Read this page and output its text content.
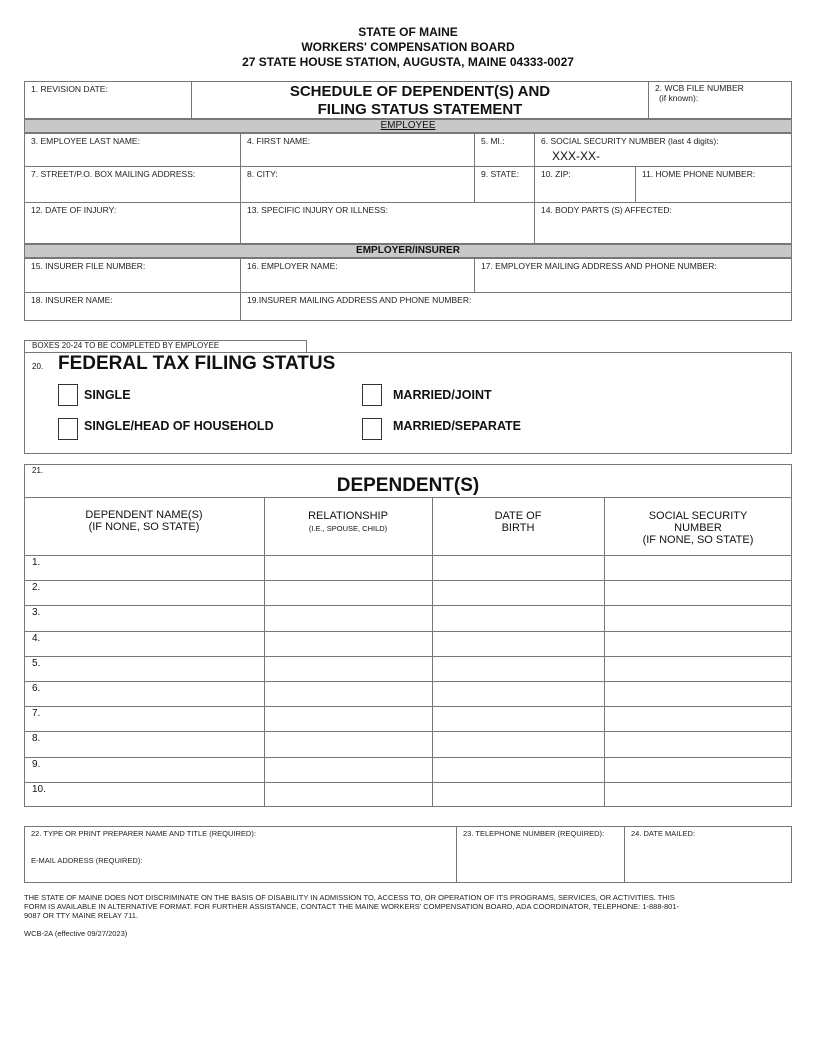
STATE OF MAINE
WORKERS' COMPENSATION BOARD
27 STATE HOUSE STATION, AUGUSTA, MAINE 04333-0027
1. REVISION DATE:	SCHEDULE OF DEPENDENT(S) AND
FILING STATUS STATEMENT
2. WCB FILE NUMBER
(if known):
EMPLOYEE
3. EMPLOYEE LAST NAME:	4. FIRST NAME:	5. MI.:	6. SOCIAL SECURITY NUMBER (last 4 digits):
XXX-XX-
7. STREET/P.O. BOX MAILING ADDRESS:	8. CITY:	9. STATE:	10. ZIP:	11. HOME PHONE NUMBER:
12. DATE OF INJURY:	13. SPECIFIC INJURY OR ILLNESS:	14. BODY PARTS (S) AFFECTED:
EMPLOYER/INSURER
15. INSURER FILE NUMBER:	16. EMPLOYER NAME:	17. EMPLOYER MAILING ADDRESS AND PHONE NUMBER:
18. INSURER NAME:	19.INSURER MAILING ADDRESS AND PHONE NUMBER:
BOXES 20-24 TO BE COMPLETED BY EMPLOYEE
20. FEDERAL TAX FILING STATUS
SINGLE	MARRIED/JOINT
SINGLE/HEAD OF HOUSEHOLD	MARRIED/SEPARATE
21.
DEPENDENT(S)
DEPENDENT NAME(S)
(IF NONE, SO STATE)
RELATIONSHIP
(I.E., SPOUSE, CHILD)
DATE OF
BIRTH
SOCIAL SECURITY
NUMBER
(IF NONE, SO STATE)
1.
2.
3.
4.
5.
6.
7.
8.
9.
10.
22. TYPE OR PRINT PREPARER NAME AND TITLE (REQUIRED):
E-MAIL ADDRESS (REQUIRED):
23. TELEPHONE NUMBER (REQUIRED):	24. DATE MAILED:
THE STATE OF MAINE DOES NOT DISCRIMINATE ON THE BASIS OF DISABILITY IN ADMISSION TO, ACCESS TO, OR OPERATION OF ITS PROGRAMS, SERVICES, OR ACTIVITIES. THIS
FORM IS AVAILABLE IN ALTERNATIVE FORMAT. FOR FURTHER ASSISTANCE, CONTACT THE MAINE WORKERS' COMPENSATION BOARD, ADA COORDINATOR, TELEPHONE: 1-888-801-
9087 OR TTY MAINE RELAY 711.
WCB-2A (effective 09/27/2023)
